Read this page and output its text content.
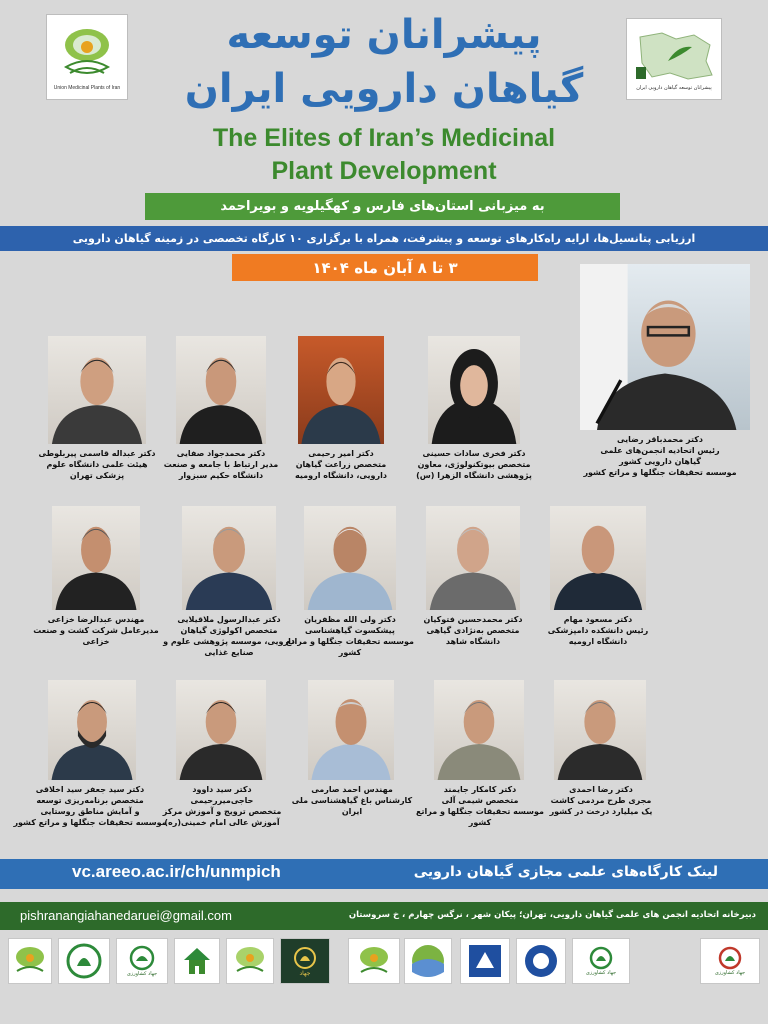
Union Medicinal Plants of Iran	پیشرانان توسعه گیاهان دارویی ایران
پیشرانان توسعه
گیاهان دارویی ایران
The Elites of Iran’s Medicinal
Plant Development
به میزبانی استان‌های فارس و کهگیلویه و بویراحمد
ارزیابی پتانسیل‌ها، ارایه راه‌کارهای توسعه و پیشرفت، همراه با برگزاری ۱۰ کارگاه تخصصی در زمینه گیاهان دارویی
۳ تا ۸ آبان ماه ۱۴۰۴
دکتر محمدباقر رضایی
رئیس اتحادیه انجمن‌های علمی
گیاهان دارویی کشور
موسسه تحقیقات جنگلها و مراتع کشور
دکتر فخری سادات حسینی
متخصص بیوتکنولوژی، معاون
پژوهشی دانشگاه الزهرا (س)
دکتر امیر رحیمی
متخصص زراعت گیاهان
دارویی، دانشگاه ارومیه
دکتر محمدجواد صفایی
مدیر ارتباط با جامعه و صنعت
دانشگاه حکیم سبزوار
دکتر عبداله قاسمی پیربلوطی
هیئت علمی دانشگاه علوم
پزشکی تهران
دکتر مسعود مهام
رئیس دانشکده دامپزشکی
دانشگاه ارومیه
دکتر محمدحسین فتوکیان
متخصص به‌نژادی گیاهی
دانشگاه شاهد
دکتر ولی الله مظفریان
پیشکسوت گیاهشناسی
موسسه تحقیقات جنگلها و مراتع
کشور
دکتر عبدالرسول ملاقیلایی
متخصص اکولوژی گیاهان
دارویی، موسسه پژوهشی علوم و
صنایع غذایی
مهندس عبدالرضا خزاعی
مدیرعامل شرکت کشت و صنعت
خزاعی
دکتر رضا احمدی
مجری طرح مردمی کاشت
یک میلیارد درخت در کشور
دکتر کامکار جایمند
متخصص شیمی آلی
موسسه تحقیقات جنگلها و مراتع
کشور
مهندس احمد صارمی
کارشناس باغ گیاهشناسی ملی
ایران
دکتر سید داوود
حاجی‌میررحیمی
متخصص ترویج و آموزش مرکز
آموزش عالی امام خمینی(ره)
دکتر سید جعفر سید اخلاقی
متخصص برنامه‌ریزی توسعه
و آمایش مناطق روستایی
موسسه تحقیقات جنگلها و مراتع کشور
vc.areeo.ac.ir/ch/unmpich	لینک کارگاه‌های علمی مجازی گیاهان دارویی
pishranangiahanedaruei@gmail.com	دبیرخانه اتحادیه انجمن های علمی گیاهان دارویی، تهران؛ پیکان شهر ، نرگس چهارم ، خ سروستان
جهاد کشاورزی	جهاد	جهاد کشاورزی	جهاد کشاورزی
